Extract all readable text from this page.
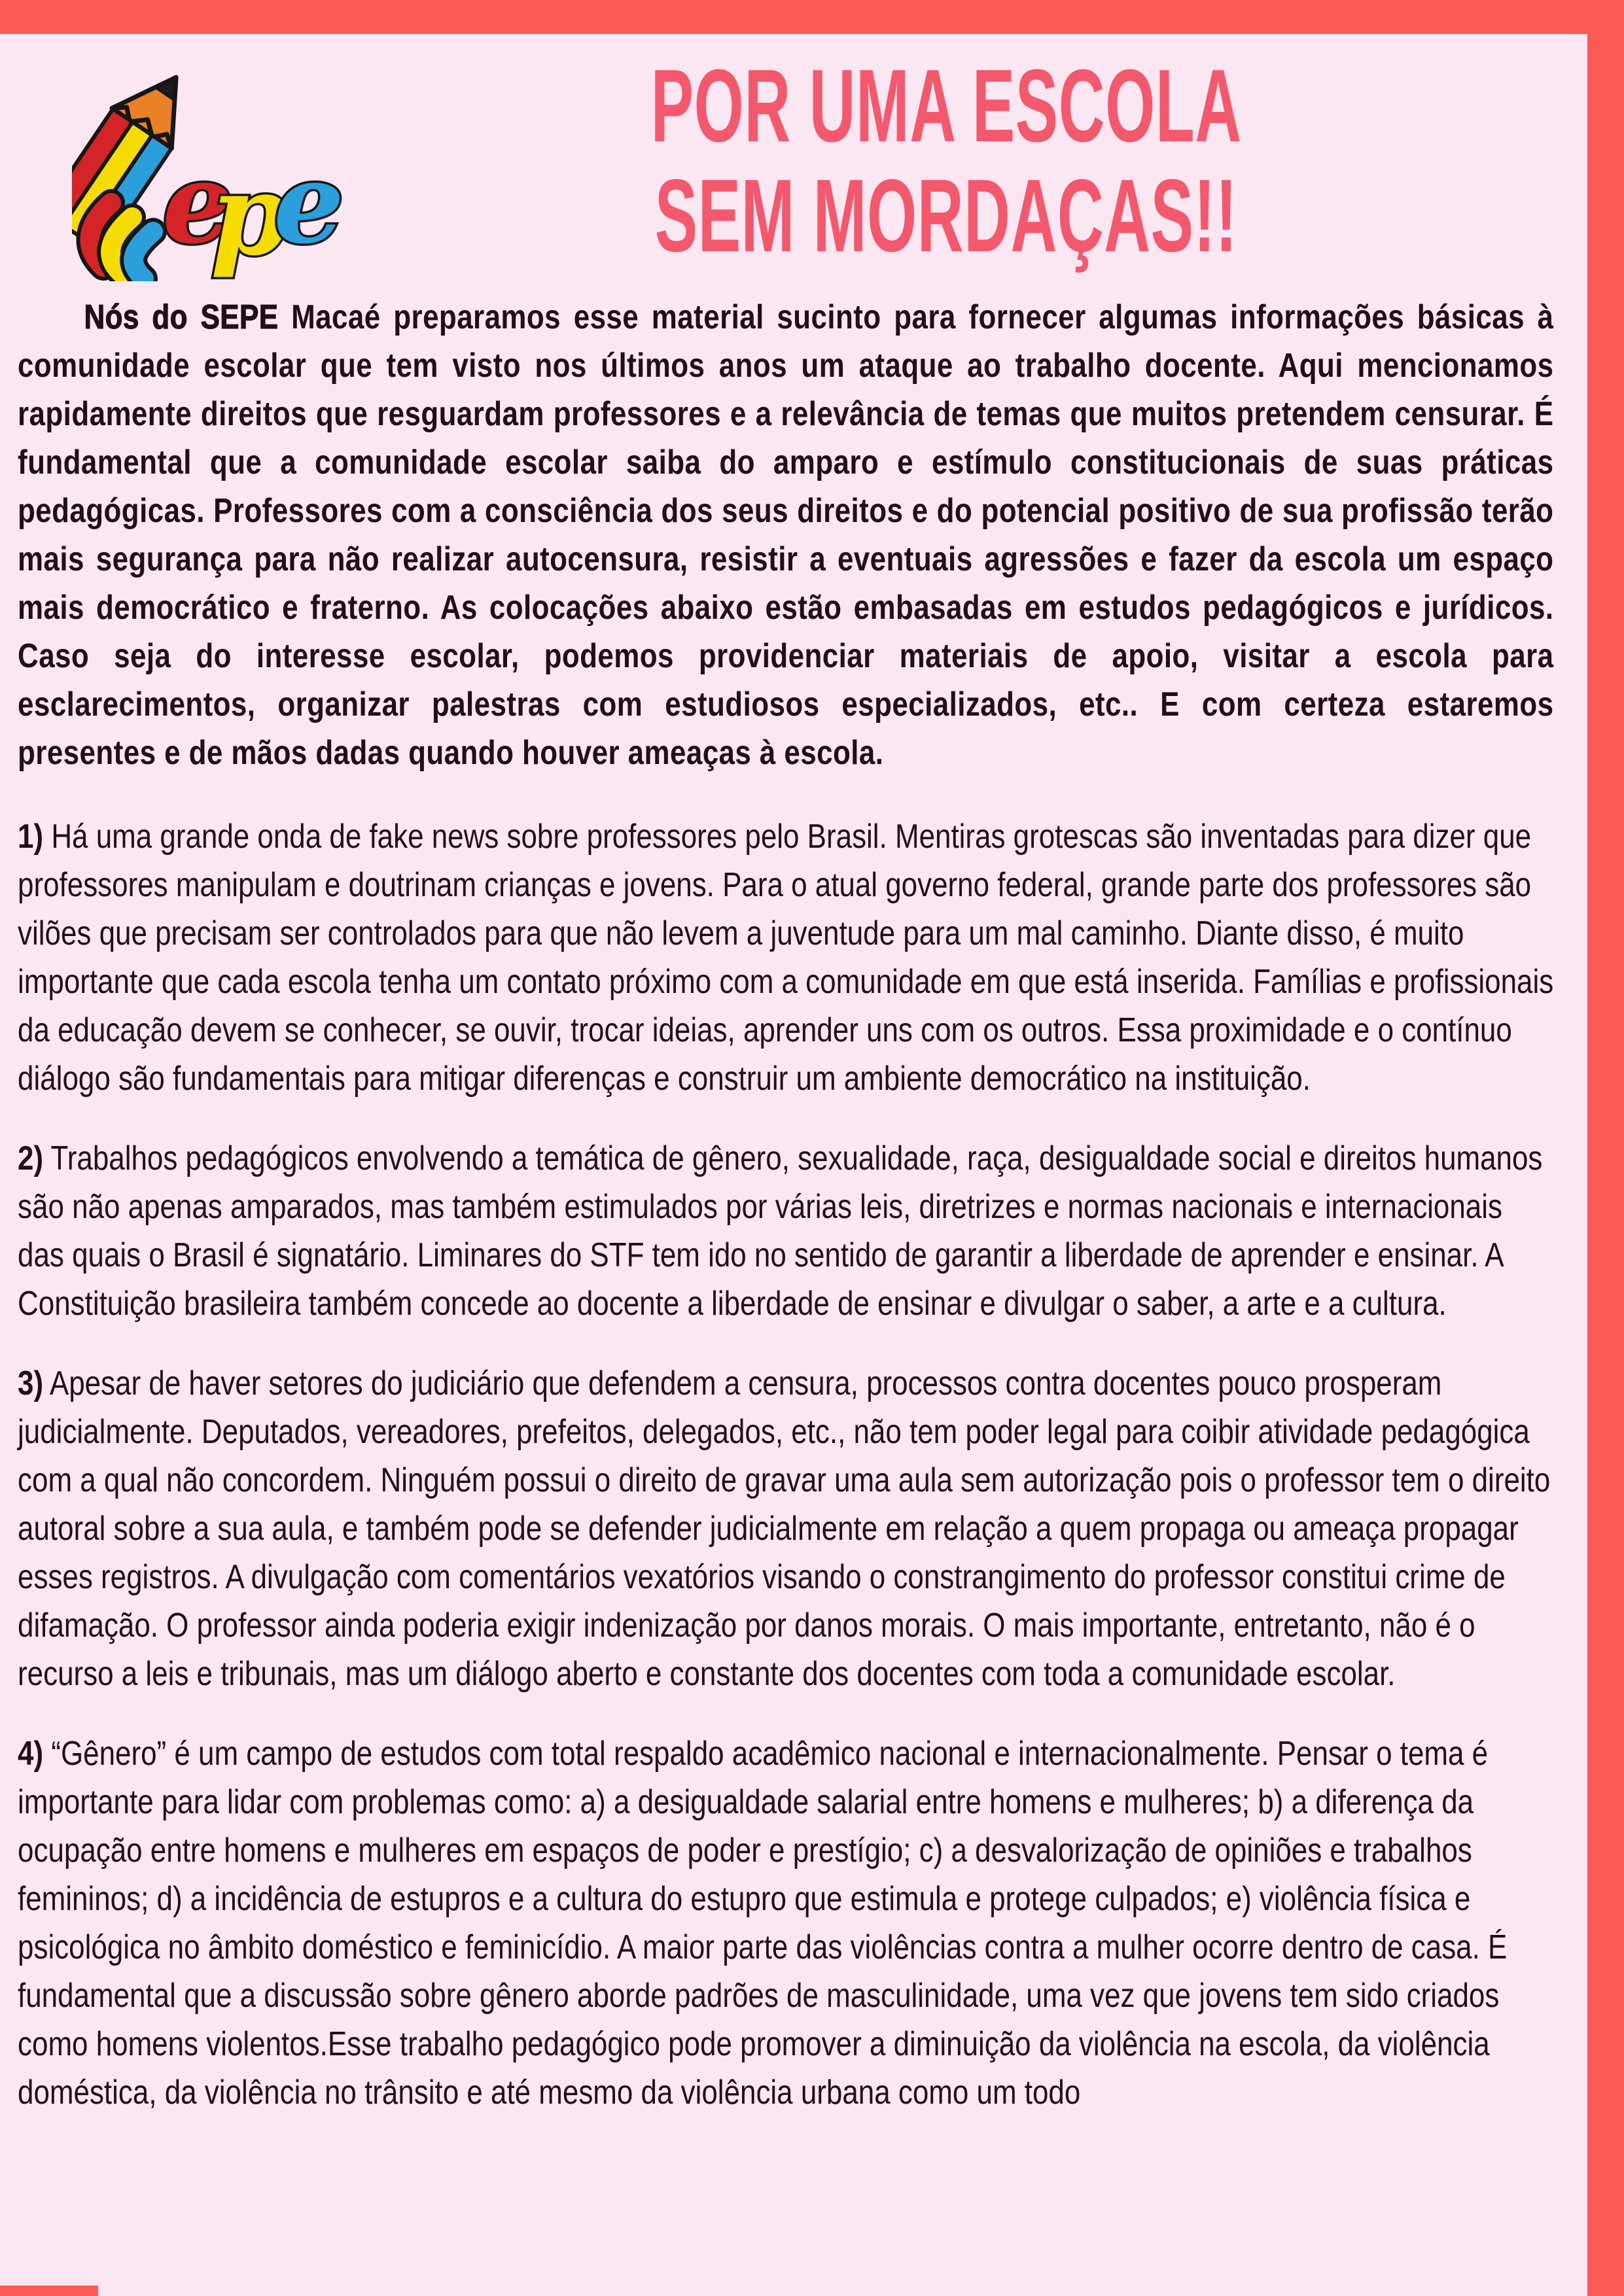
e
p
e
POR UMA ESCOLA
SEM MORDAÇAS!!

Nós do SEPE Macaé preparamos esse material sucinto para fornecer algumas informações básicas à comunidade escolar que tem visto nos últimos anos um ataque ao trabalho docente. Aqui mencionamos rapidamente direitos que resguardam professores e a relevância de temas que muitos pretendem censurar. É fundamental que a comunidade escolar saiba do amparo e estímulo constitucionais de suas práticas pedagógicas. Professores com a consciência dos seus direitos e do potencial positivo de sua profissão terão mais segurança para não realizar autocensura, resistir a eventuais agressões e fazer da escola um espaço mais democrático e fraterno. As colocações abaixo estão embasadas em estudos pedagógicos e jurídicos. Caso seja do interesse escolar, podemos providenciar materiais de apoio, visitar a escola para esclarecimentos, organizar palestras com estudiosos especializados, etc.. E com certeza estaremos presentes e de mãos dadas quando houver ameaças à escola.

1) Há uma grande onda de fake news sobre professores pelo Brasil. Mentiras grotescas são inventadas para dizer que professores manipulam e doutrinam crianças e jovens. Para o atual governo federal, grande parte dos professores são vilões que precisam ser controlados para que não levem a juventude para um mal caminho. Diante disso, é muito importante que cada escola tenha um contato próximo com a comunidade em que está inserida. Famílias e profissionais da educação devem se conhecer, se ouvir, trocar ideias, aprender uns com os outros. Essa proximidade e o contínuo diálogo são fundamentais para mitigar diferenças e construir um ambiente democrático na instituição.

2) Trabalhos pedagógicos envolvendo a temática de gênero, sexualidade, raça, desigualdade social e direitos humanos são não apenas amparados, mas também estimulados por várias leis, diretrizes e normas nacionais e internacionais das quais o Brasil é signatário. Liminares do STF tem ido no sentido de garantir a liberdade de aprender e ensinar. A Constituição brasileira também concede ao docente a liberdade de ensinar e divulgar o saber, a arte e a cultura.

3) Apesar de haver setores do judiciário que defendem a censura, processos contra docentes pouco prosperam judicialmente. Deputados, vereadores, prefeitos, delegados, etc., não tem poder legal para coibir atividade pedagógica com a qual não concordem. Ninguém possui o direito de gravar uma aula sem autorização pois o professor tem o direito autoral sobre a sua aula, e também pode se defender judicialmente em relação a quem propaga ou ameaça propagar esses registros. A divulgação com comentários vexatórios visando o constrangimento do professor constitui crime de difamação. O professor ainda poderia exigir indenização por danos morais. O mais importante, entretanto, não é o recurso a leis e tribunais, mas um diálogo aberto e constante dos docentes com toda a comunidade escolar.

4) “Gênero” é um campo de estudos com total respaldo acadêmico nacional e internacionalmente. Pensar o tema é importante para lidar com problemas como: a) a desigualdade salarial entre homens e mulheres; b) a diferença da ocupação entre homens e mulheres em espaços de poder e prestígio; c) a desvalorização de opiniões e trabalhos femininos; d) a incidência de estupros e a cultura do estupro que estimula e protege culpados; e) violência física e psicológica no âmbito doméstico e feminicídio. A maior parte das violências contra a mulher ocorre dentro de casa. É fundamental que a discussão sobre gênero aborde padrões de masculinidade, uma vez que jovens tem sido criados como homens violentos.Esse trabalho pedagógico pode promover a diminuição da violência na escola, da violência doméstica, da violência no trânsito e até mesmo da violência urbana como um todo
